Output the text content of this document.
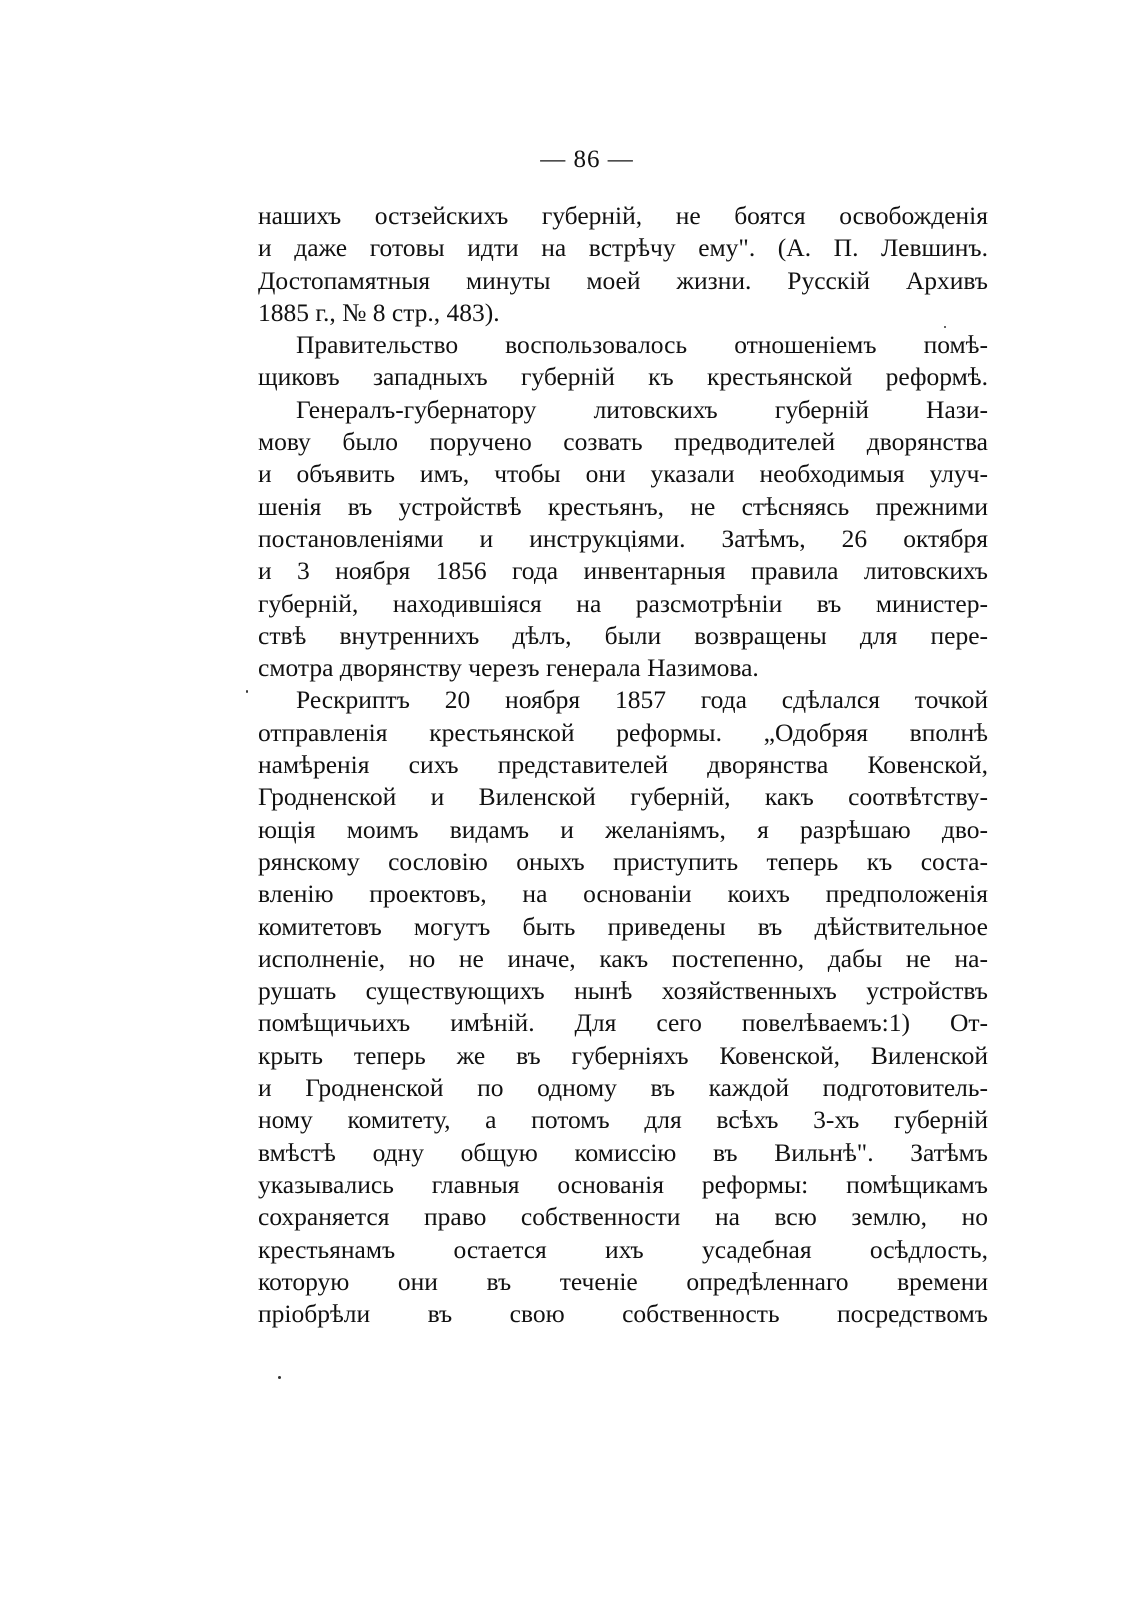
— 86 —
нашихъ остзейскихъ губерній, не боятся освобожденія
и даже готовы идти на встрѣчу ему". (А. П. Левшинъ.
Достопамятныя минуты моей жизни. Русскій Архивъ
1885 г., № 8 стр., 483).
Правительство воспользовалось отношеніемъ помѣ-
щиковъ западныхъ губерній къ крестьянской реформѣ.
Генералъ-губернатору литовскихъ губерній Нази-
мову было поручено созвать предводителей дворянства
и объявить имъ, чтобы они указали необходимыя улуч-
шенія въ устройствѣ крестьянъ, не стѣсняясь прежними
постановленіями и инструкціями. Затѣмъ, 26 октября
и 3 ноября 1856 года инвентарныя правила литовскихъ
губерній, находившіяся на разсмотрѣніи въ министер-
ствѣ внутреннихъ дѣлъ, были возвращены для пере-
смотра дворянству черезъ генерала Назимова.
Рескриптъ 20 ноября 1857 года сдѣлался точкой
отправленія крестьянской реформы. „Одобряя вполнѣ
намѣренія сихъ представителей дворянства Ковенской,
Гродненской и Виленской губерній, какъ соотвѣтству-
ющія моимъ видамъ и желаніямъ, я разрѣшаю дво-
рянскому сословію оныхъ приступить теперь къ соста-
вленію проектовъ, на основаніи коихъ предположенія
комитетовъ могутъ быть приведены въ дѣйствительное
исполненіе, но не иначе, какъ постепенно, дабы не на-
рушать существующихъ нынѣ хозяйственныхъ устройствъ
помѣщичьихъ имѣній. Для сего повелѣваемъ:1) От-
крыть теперь же въ губерніяхъ Ковенской, Виленской
и Гродненской по одному въ каждой подготовитель-
ному комитету, а потомъ для всѣхъ 3-хъ губерній
вмѣстѣ одну общую комиссію въ Вильнѣ". Затѣмъ
указывались главныя основанія реформы: помѣщикамъ
сохраняется право собственности на всю землю, но
крестьянамъ остается ихъ усадебная осѣдлость,
которую они въ теченіе опредѣленнаго времени
пріобрѣли въ свою собственность посредствомъ
